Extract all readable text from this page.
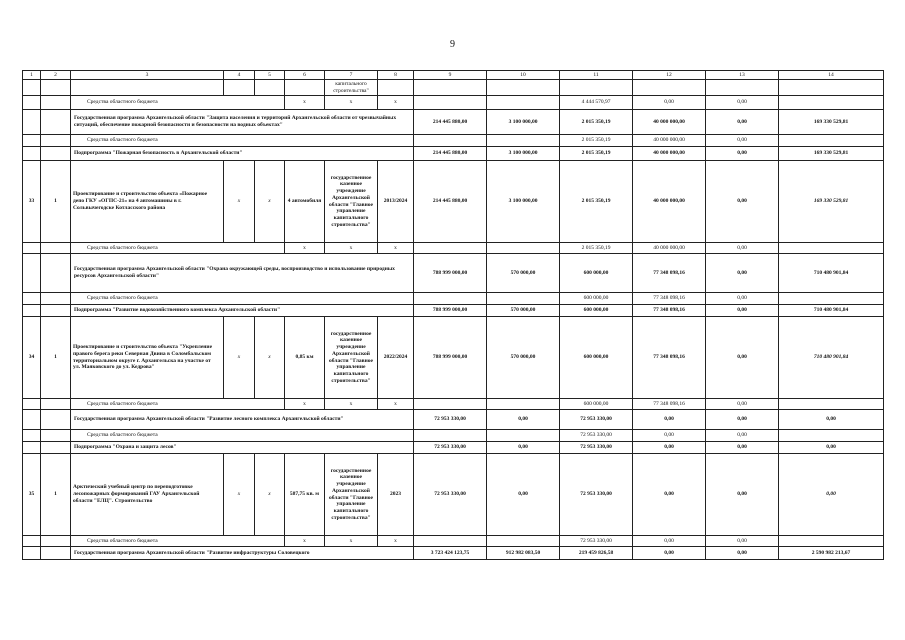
9
1	2	3	4	5	6	7	8	9	10	11	12	13	14
						капитального строительства"							
		Средства областного бюджета			x	x	x			4 444 570,97	0,00	0,00	
		Государственная программа Архангельской области "Защита населения и территорий Архангельской области от чрезвычайных ситуаций, обеспечение пожарной безопасности и безопасности на водных объектах"						214 445 880,00	3 100 000,00	2 015 350,19	40 000 000,00	0,00	169 330 529,81
		Средства областного бюджета								2 015 350,19	40 000 000,00	0,00	
		Подпрограмма "Пожарная безопасность в Архангельской области"						214 445 880,00	3 100 000,00	2 015 350,19	40 000 000,00	0,00	169 330 529,81
33	1	Проектирование и строительство объекта «Пожарное депо ГКУ «ОГПС-21» на 4 автомашины в г. Сольвычегодске Котласского района	х	х	4 автомобиля	государственное казенное учреждение Архангельской области "Главное управление капитального строительства"	2013/2024	214 445 880,00	3 100 000,00	2 015 350,19	40 000 000,00	0,00	169 330 529,81
		Средства областного бюджета			x	x	x			2 015 350,19	40 000 000,00	0,00	
		Государственная программа Архангельской области "Охрана окружающей среды, воспроизводство и использование природных ресурсов Архангельской области"						788 999 000,00	570 000,00	600 000,00	77 348 098,16	0,00	710 480 901,84
		Средства областного бюджета								600 000,00	77 348 098,16	0,00	
		Подпрограмма "Развитие водохозяйственного комплекса Архангельской области"						788 999 000,00	570 000,00	600 000,00	77 348 098,16	0,00	710 480 901,84
34	1	Проектирование и строительство объекта "Укрепление правого берега реки Северная Двина в Соломбальском территориальном округе г. Архангельска на участке от ул. Маяковского до ул. Кедрова"	х	х	0,85 км	государственное казенное учреждение Архангельской области "Главное управление капитального строительства"	2022/2024	788 999 000,00	570 000,00	600 000,00	77 348 098,16	0,00	710 480 901,84
		Средства областного бюджета			x	x	x			600 000,00	77 348 098,16	0,00	
		Государственная программа Архангельской области "Развитие лесного комплекса Архангельской области"						72 953 330,00	0,00	72 953 330,00	0,00	0,00	0,00
		Средства областного бюджета								72 953 330,00	0,00	0,00	
		Подпрограмма "Охрана и защита лесов"						72 953 330,00	0,00	72 953 330,00	0,00	0,00	0,00
35	1	Арктический учебный центр по переподготовке лесопожарных формирований ГАУ Архангельской области "ЕЛЦ". Строительство	х	х	587,75 кв. м	государственное казенное учреждение Архангельской области "Главное управление капитального строительства"	2023	72 953 330,00	0,00	72 953 330,00	0,00	0,00	0,00
		Средства областного бюджета			x	x	x			72 953 330,00	0,00	0,00	
		Государственная программа Архангельской области "Развитие инфраструктуры Соловецкого						3 723 424 123,75	912 982 083,50	219 459 826,58	0,00	0,00	2 590 982 213,67
